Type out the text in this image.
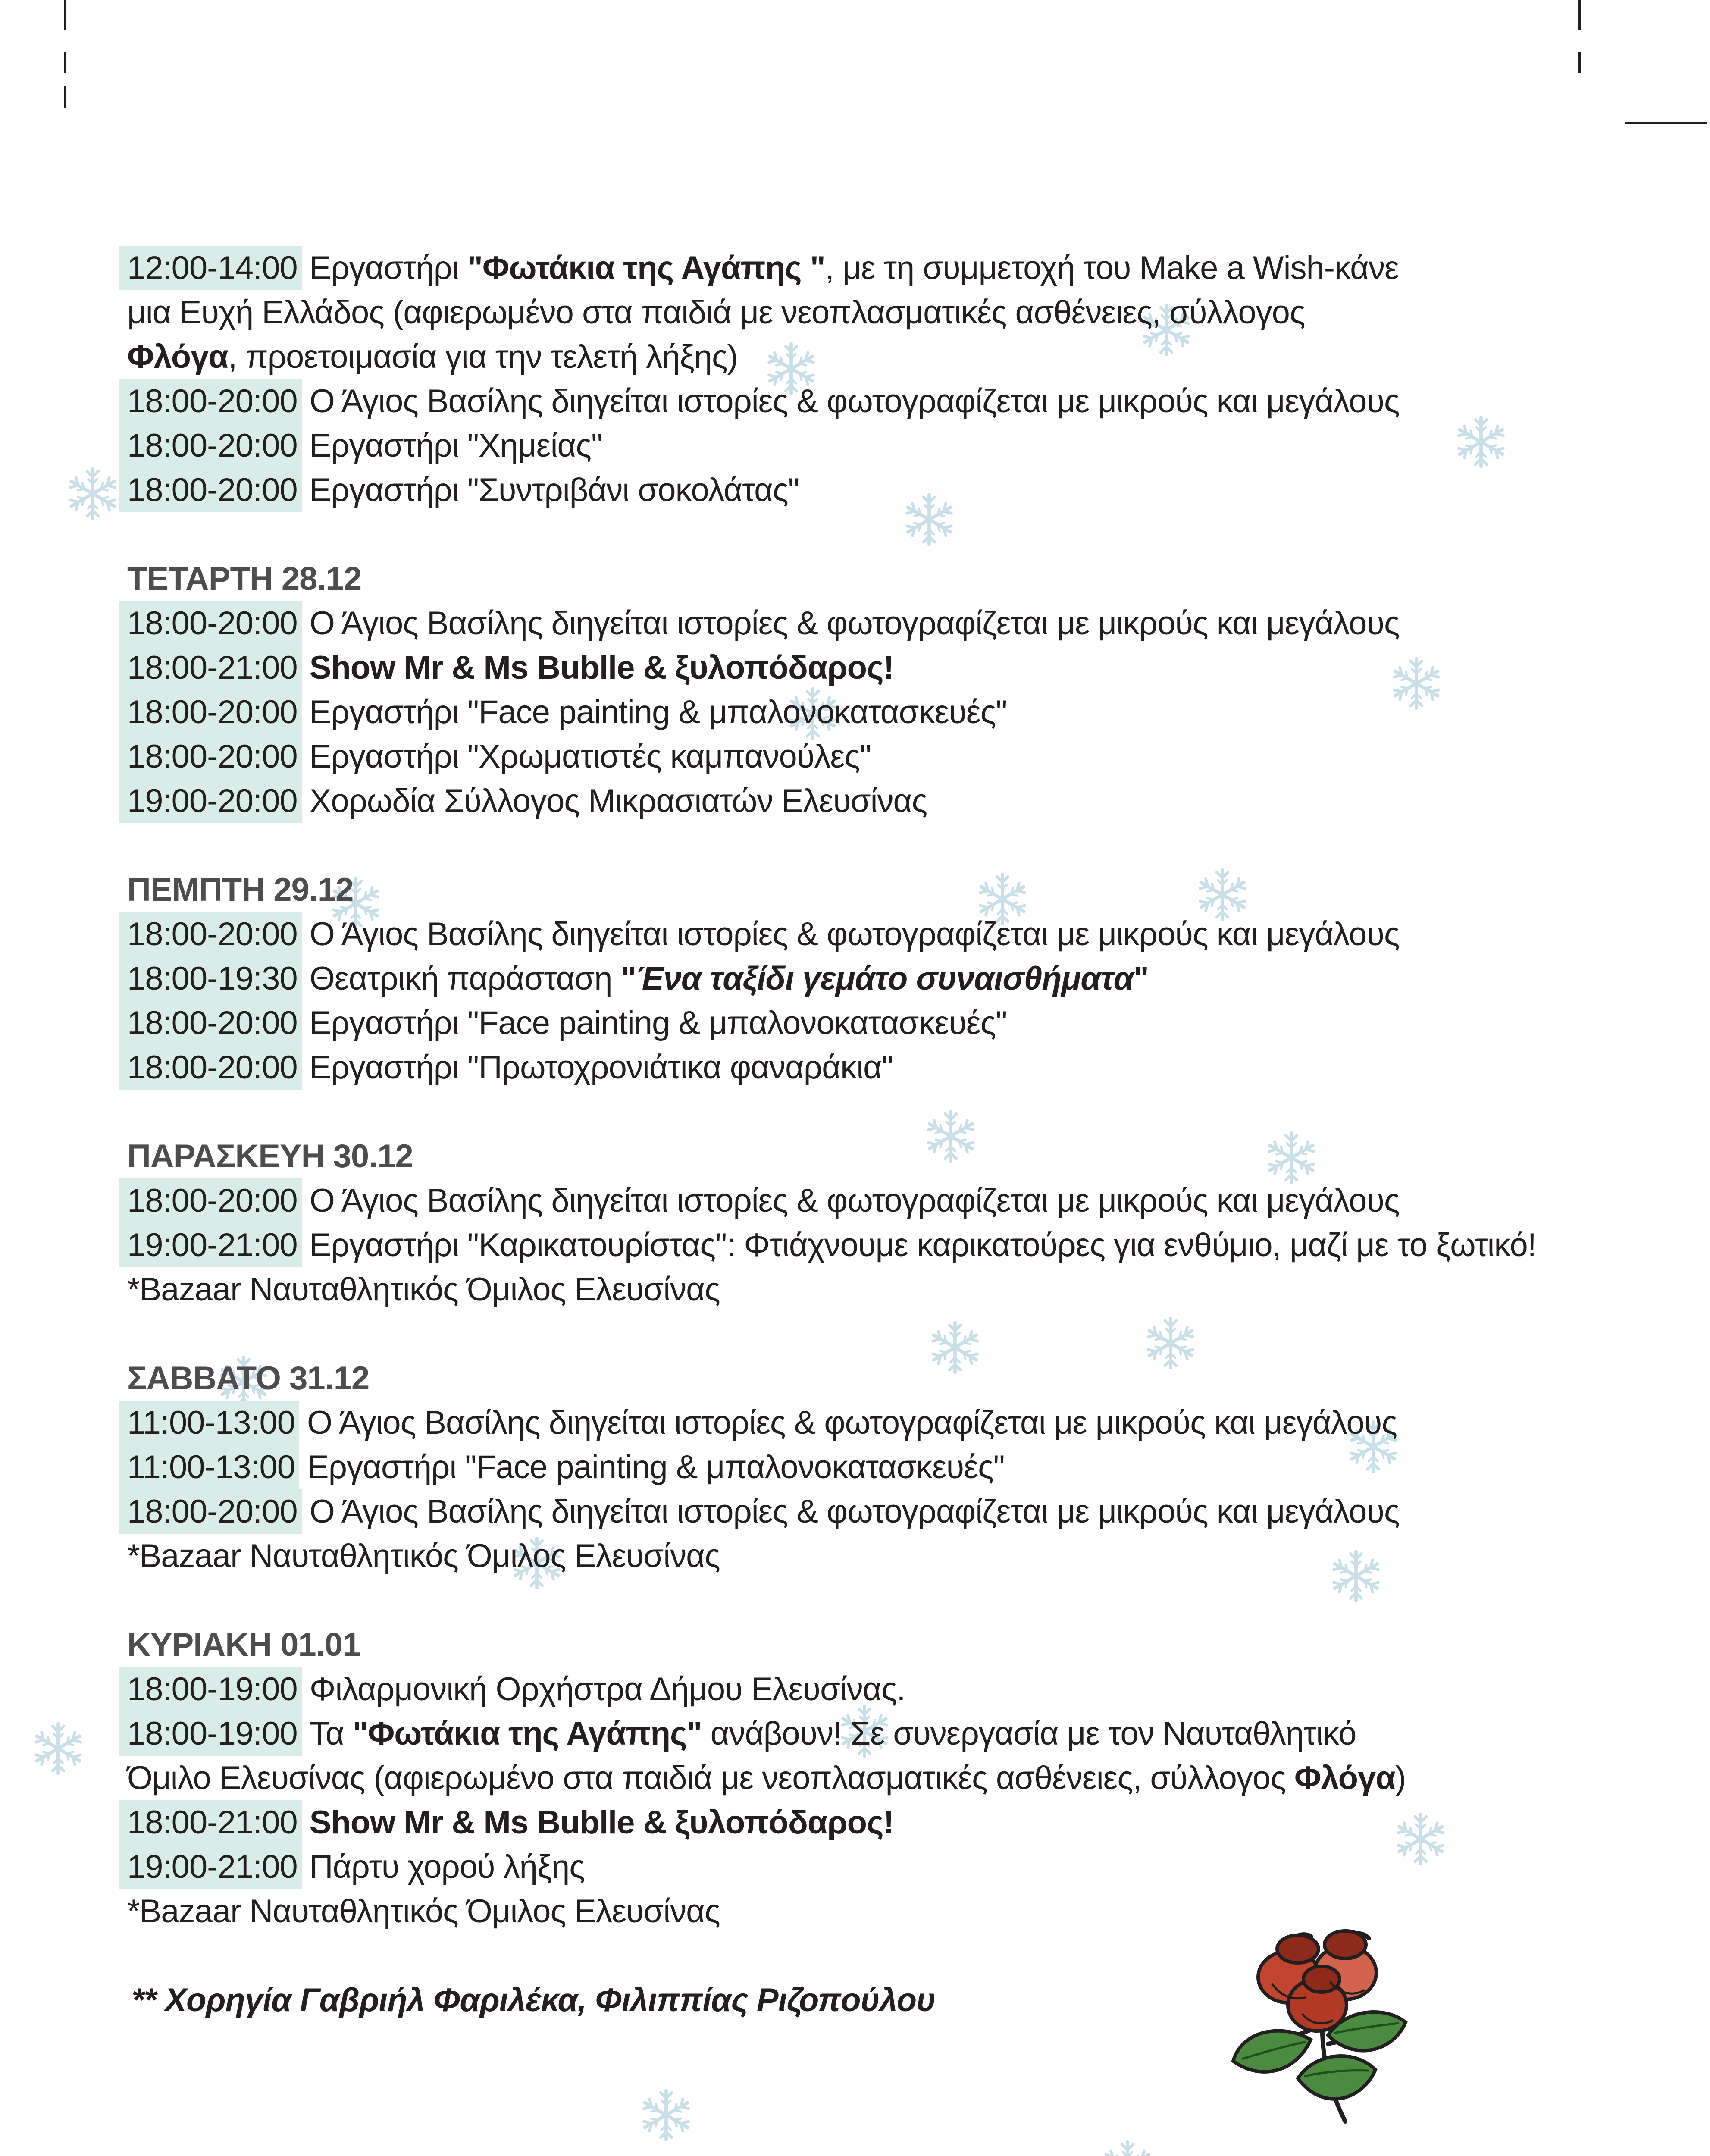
12:00-14:00 Εργαστήρι "Φωτάκια της Αγάπης ", με τη συμμετοχή του Make a Wish-κάνε μια Ευχή Ελλάδος (αφιερωμένο στα παιδιά με νεοπλασματικές ασθένειες, σύλλογος Φλόγα, προετοιμασία για την τελετή λήξης)
18:00-20:00 Ο Άγιος Βασίλης διηγείται ιστορίες & φωτογραφίζεται με μικρούς και μεγάλους
18:00-20:00 Εργαστήρι "Χημείας"
18:00-20:00 Εργαστήρι "Συντριβάνι σοκολάτας"
ΤΕΤΑΡΤΗ 28.12
18:00-20:00 Ο Άγιος Βασίλης διηγείται ιστορίες & φωτογραφίζεται με μικρούς και μεγάλους
18:00-21:00 Show Mr & Ms Bublle & ξυλοπόδαρος!
18:00-20:00 Εργαστήρι "Face painting & μπαλονοκατασκευές"
18:00-20:00 Εργαστήρι "Χρωματιστές καμπανούλες"
19:00-20:00 Χορωδία Σύλλογος Μικρασιατών Ελευσίνας
ΠΕΜΠΤΗ 29.12
18:00-20:00 Ο Άγιος Βασίλης διηγείται ιστορίες & φωτογραφίζεται με μικρούς και μεγάλους
18:00-19:30 Θεατρική παράσταση "Ένα ταξίδι γεμάτο συναισθήματα"
18:00-20:00 Εργαστήρι "Face painting & μπαλονοκατασκευές"
18:00-20:00 Εργαστήρι "Πρωτοχρονιάτικα φαναράκια"
ΠΑΡΑΣΚΕΥΗ 30.12
18:00-20:00 Ο Άγιος Βασίλης διηγείται ιστορίες & φωτογραφίζεται με μικρούς και μεγάλους
19:00-21:00 Εργαστήρι "Καρικατουρίστας": Φτιάχνουμε καρικατούρες για ενθύμιο, μαζί με το ξωτικό!
*Bazaar Ναυταθλητικός Όμιλος Ελευσίνας
ΣΑΒΒΑΤΟ 31.12
11:00-13:00 Ο Άγιος Βασίλης διηγείται ιστορίες & φωτογραφίζεται με μικρούς και μεγάλους
11:00-13:00 Εργαστήρι "Face painting & μπαλονοκατασκευές"
18:00-20:00 Ο Άγιος Βασίλης διηγείται ιστορίες & φωτογραφίζεται με μικρούς και μεγάλους
*Bazaar Ναυταθλητικός Όμιλος Ελευσίνας
ΚΥΡΙΑΚΗ 01.01
18:00-19:00 Φιλαρμονική Ορχήστρα Δήμου Ελευσίνας.
18:00-19:00 Τα "Φωτάκια της Αγάπης" ανάβουν! Σε συνεργασία με τον Ναυταθλητικό Όμιλο Ελευσίνας (αφιερωμένο στα παιδιά με νεοπλασματικές ασθένειες, σύλλογος Φλόγα)
18:00-21:00 Show Mr & Ms Bublle & ξυλοπόδαρος!
19:00-21:00 Πάρτυ χορού λήξης
*Bazaar Ναυταθλητικός Όμιλος Ελευσίνας
** Χορηγία Γαβριήλ Φαριλέκα, Φιλιππίας Ριζοπούλου
